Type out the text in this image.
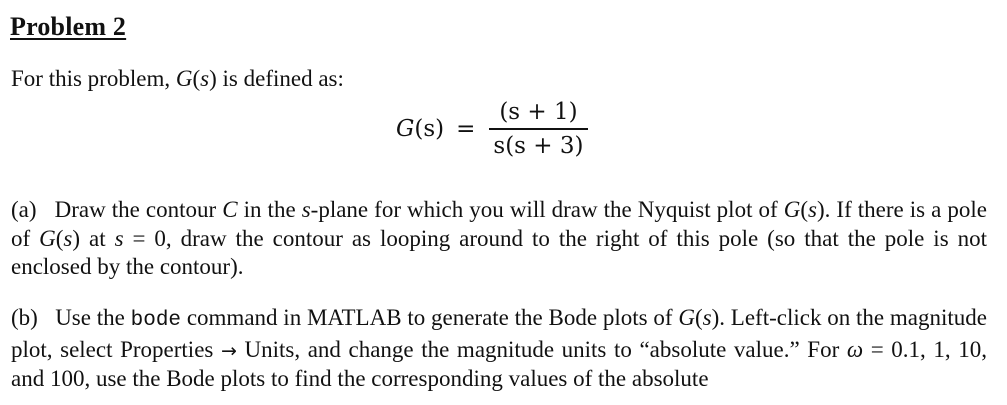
Problem 2
For this problem, G(s) is defined as:
$G(s) = \frac{(s + 1)}{s(s + 3)}$
(a) Draw the contour C in the s-plane for which you will draw the Nyquist plot of G(s). If there is a pole of G(s) at s = 0, draw the contour as looping around to the right of this pole (so that the pole is not enclosed by the contour).
(b) Use the bode command in MATLAB to generate the Bode plots of G(s). Left-click on the magnitude plot, select Properties → Units, and change the magnitude units to “absolute value.” For ω = 0.1, 1, 10, and 100, use the Bode plots to find the corresponding values of the absolute
